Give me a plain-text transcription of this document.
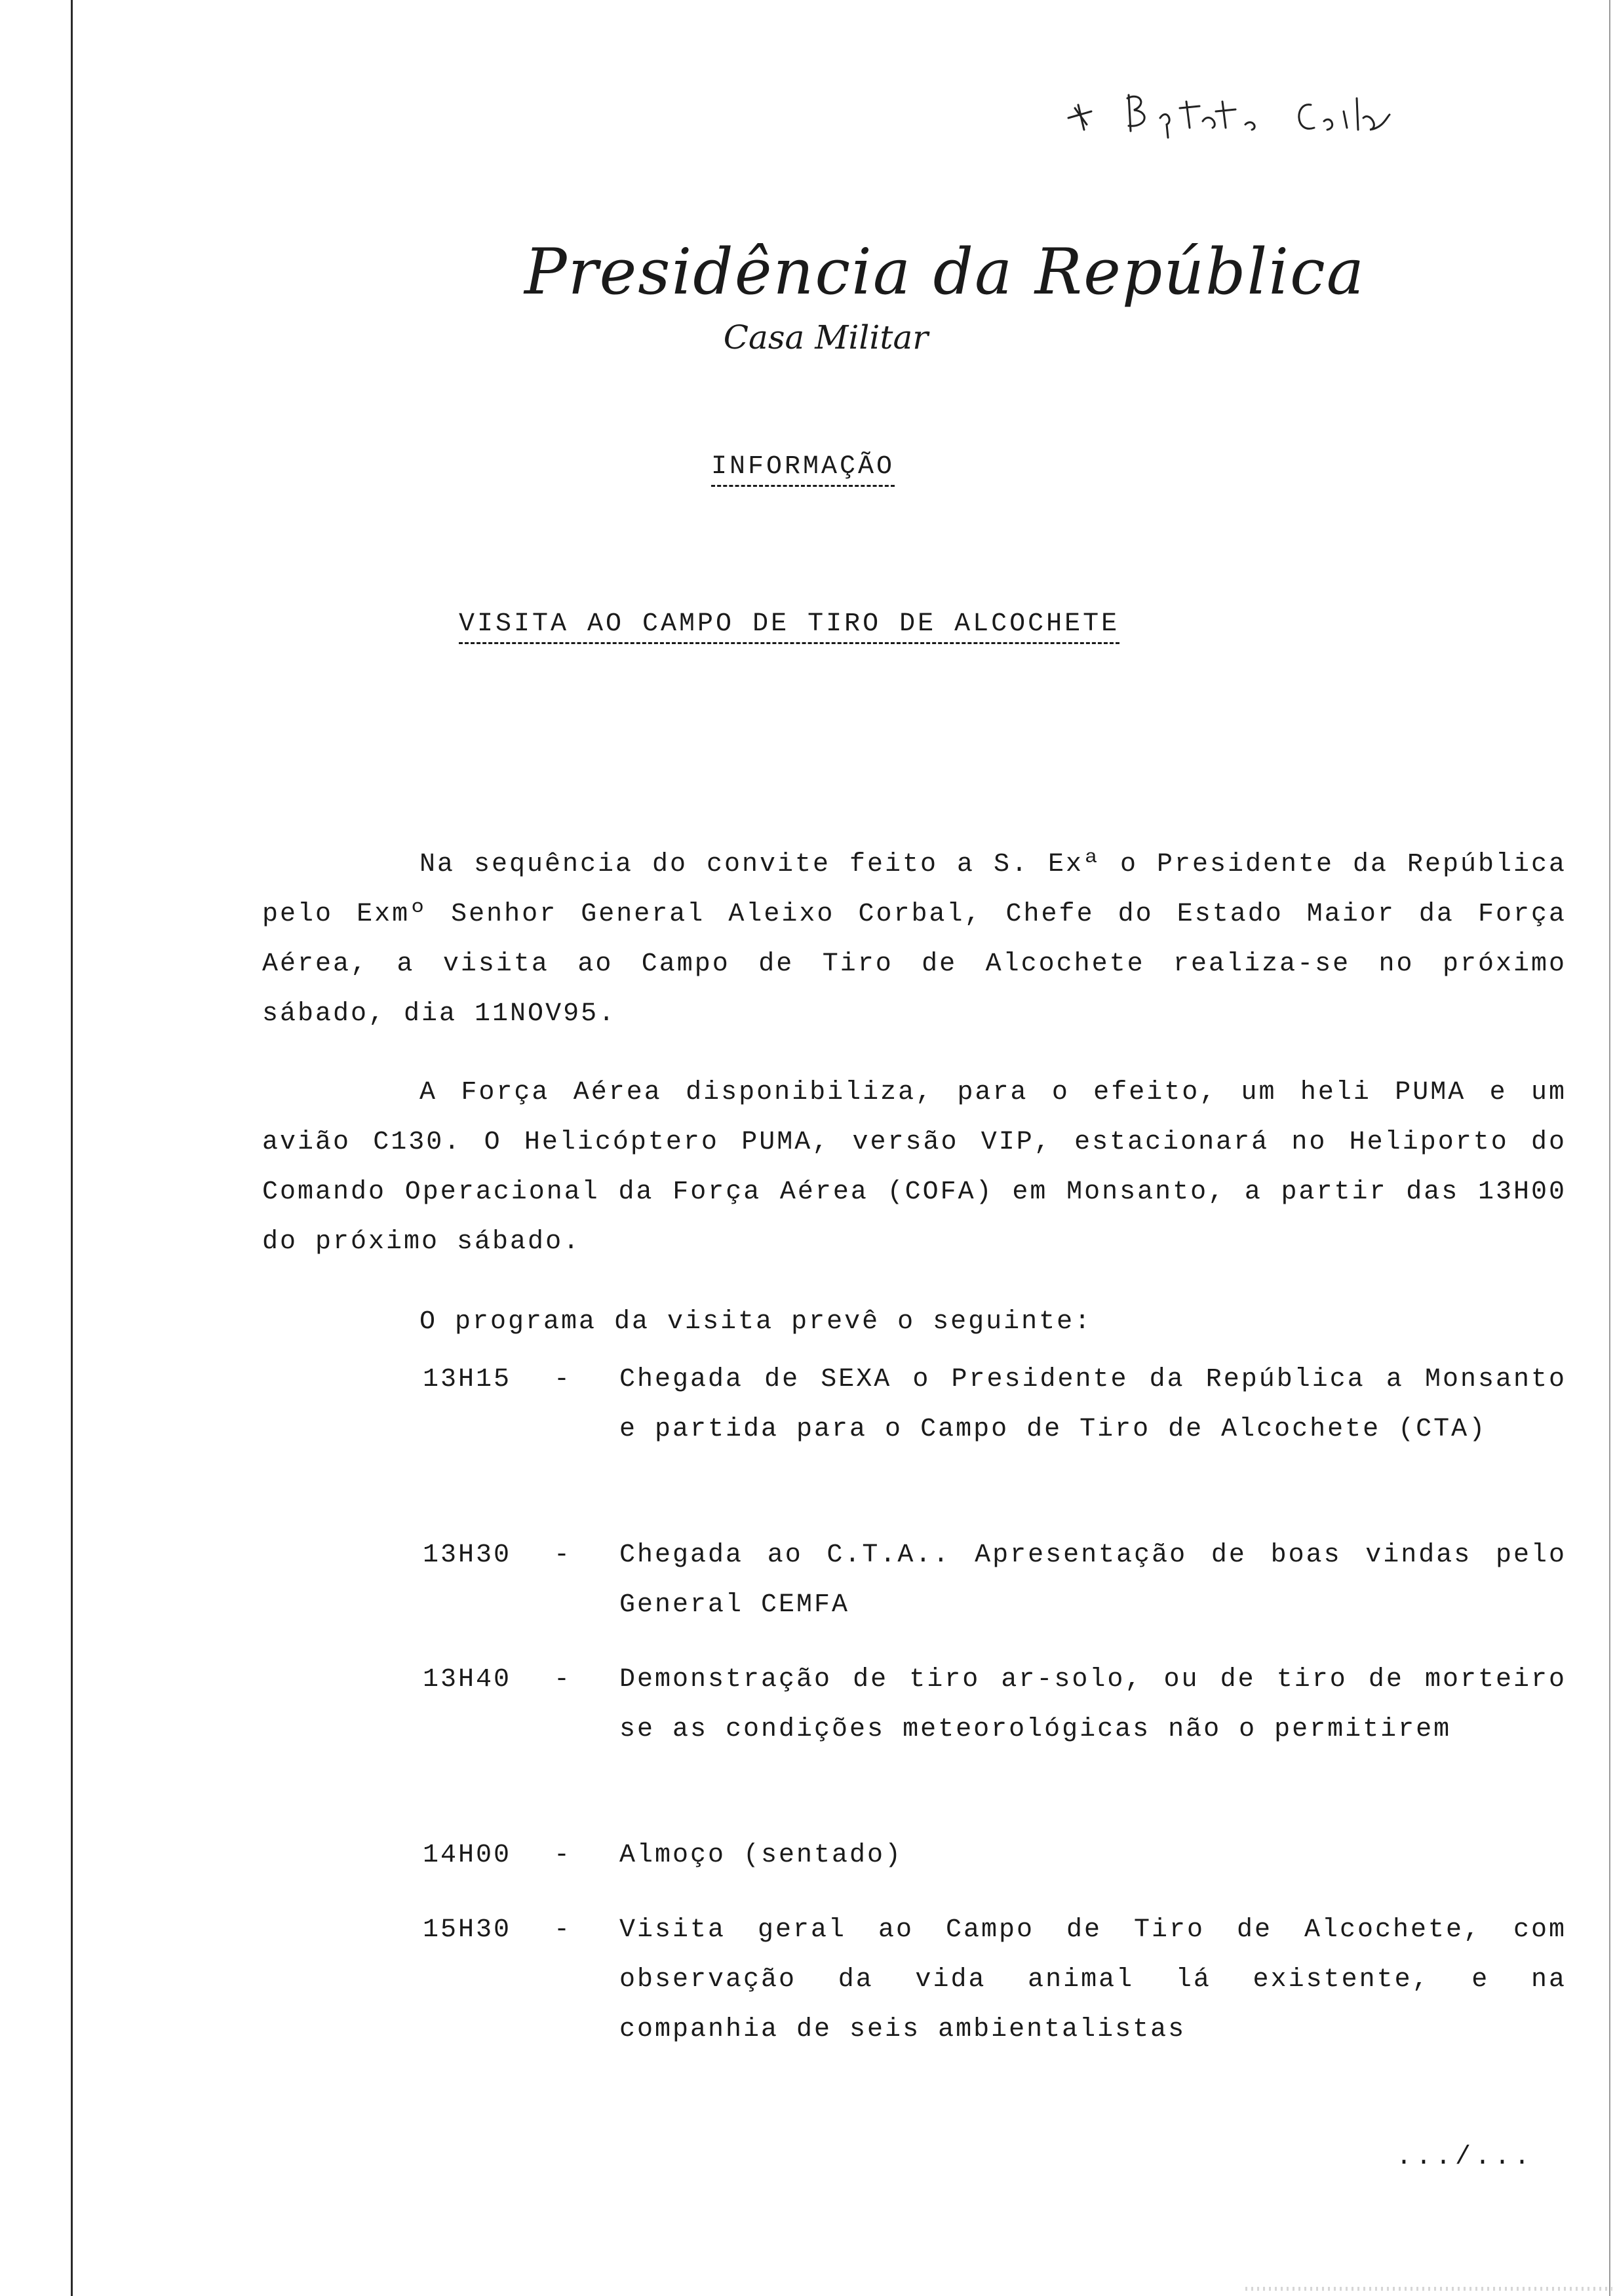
Presidência da República
Casa Militar
INFORMAÇÃO
VISITA AO CAMPO DE TIRO DE ALCOCHETE

Na sequência do convite feito a S. Exª o Presidente da República pelo Exmº Senhor General Aleixo Corbal, Chefe do Estado Maior da Força Aérea, a visita ao Campo de Tiro de Alcochete realiza-se no próximo sábado, dia 11NOV95.

A Força Aérea disponibiliza, para o efeito, um heli PUMA e um avião C130. O Helicóptero PUMA, versão VIP, estacionará no Heliporto do Comando Operacional da Força Aérea (COFA) em Monsanto, a partir das 13H00 do próximo sábado.

O programa da visita prevê o seguinte:

13H15 - Chegada de SEXA o Presidente da República a Monsanto e partida para o Campo de Tiro de Alcochete (CTA)
13H30 - Chegada ao C.T.A.. Apresentação de boas vindas pelo General CEMFA
13H40 - Demonstração de tiro ar-solo, ou de tiro de morteiro se as condições meteorológicas não o permitirem
14H00 - Almoço (sentado)
15H30 - Visita geral ao Campo de Tiro de Alcochete, com observação da vida animal lá existente, e na companhia de seis ambientalistas
.../...
